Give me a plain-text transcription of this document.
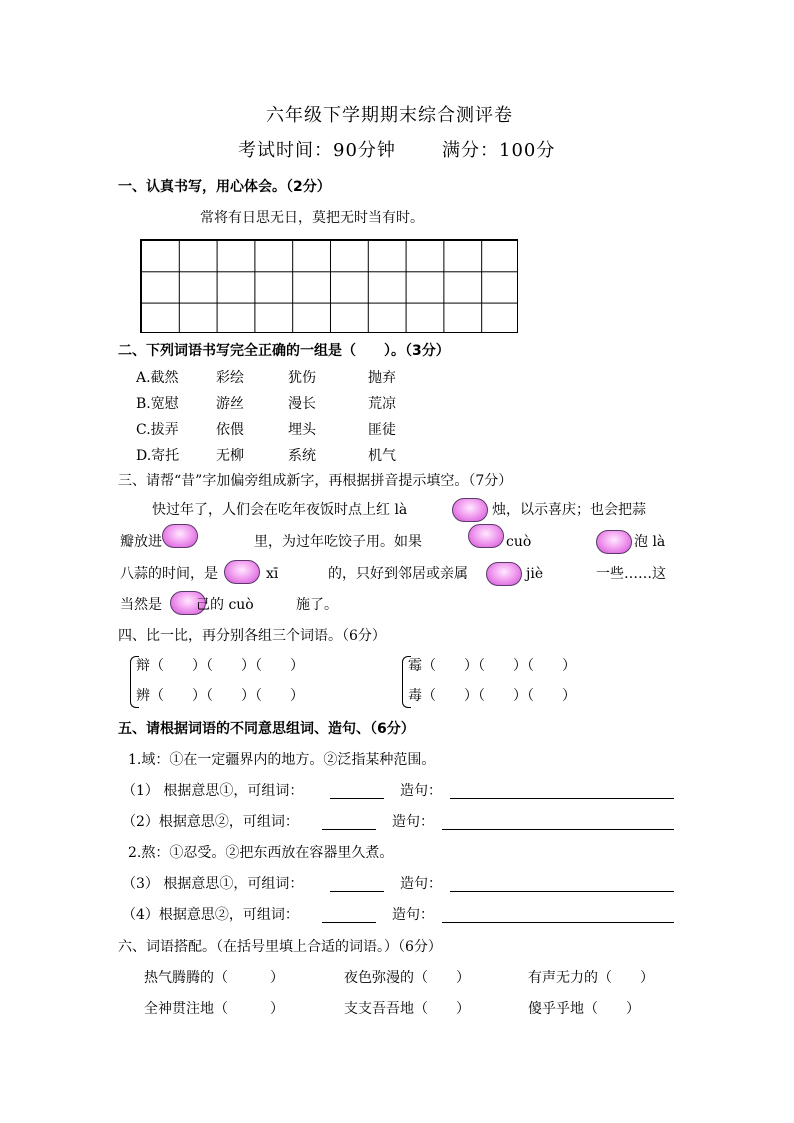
六年级下学期期末综合测评卷
考试时间：90分钟	满分：100分
一、认真书写，用心体会。（2分）
常将有日思无日，莫把无时当有时。
二、下列词语书写完全正确的一组是（　　）。（3分）
A.截然	彩绘	犹伤	抛弃
B.宽慰	游丝	漫长	荒凉
C.拔弄	依偎	埋头	匪徒
D.寄托	无柳	系统	机气
三、请帮“昔”字加偏旁组成新字，再根据拼音提示填空。（7分）
快过年了，人们会在吃年夜饭时点上红 là	烛，以示喜庆；也会把蒜
瓣放进	里，为过年吃饺子用。如果	cuò	泡 là
八蒜的时间，是	xī	的，只好到邻居或亲属	jiè	一些……这
当然是 己的 cuò	施了。
四、比一比，再分别各组三个词语。（6分）
辩（　　）（　　）（　　）
辨（　　）（　　）（　　）
霉（　　）（　　）（　　）
毒（　　）（　　）（　　）
五、请根据词语的不同意思组词、造句、（6分）
1.域：①在一定疆界内的地方。②泛指某种范围。
（1） 根据意思①，可组词：	造句：
（2）根据意思②，可组词：	造句：
2.熬：①忍受。②把东西放在容器里久煮。
（3） 根据意思①，可组词：	造句：
（4）根据意思②，可组词：	造句：
六、词语搭配。（在括号里填上合适的词语。）（6分）
热气腾腾的（　　　）	夜色弥漫的（　　）	有声无力的（　　）
全神贯注地（　　　）	支支吾吾地（　　）	傻乎乎地（　　）
